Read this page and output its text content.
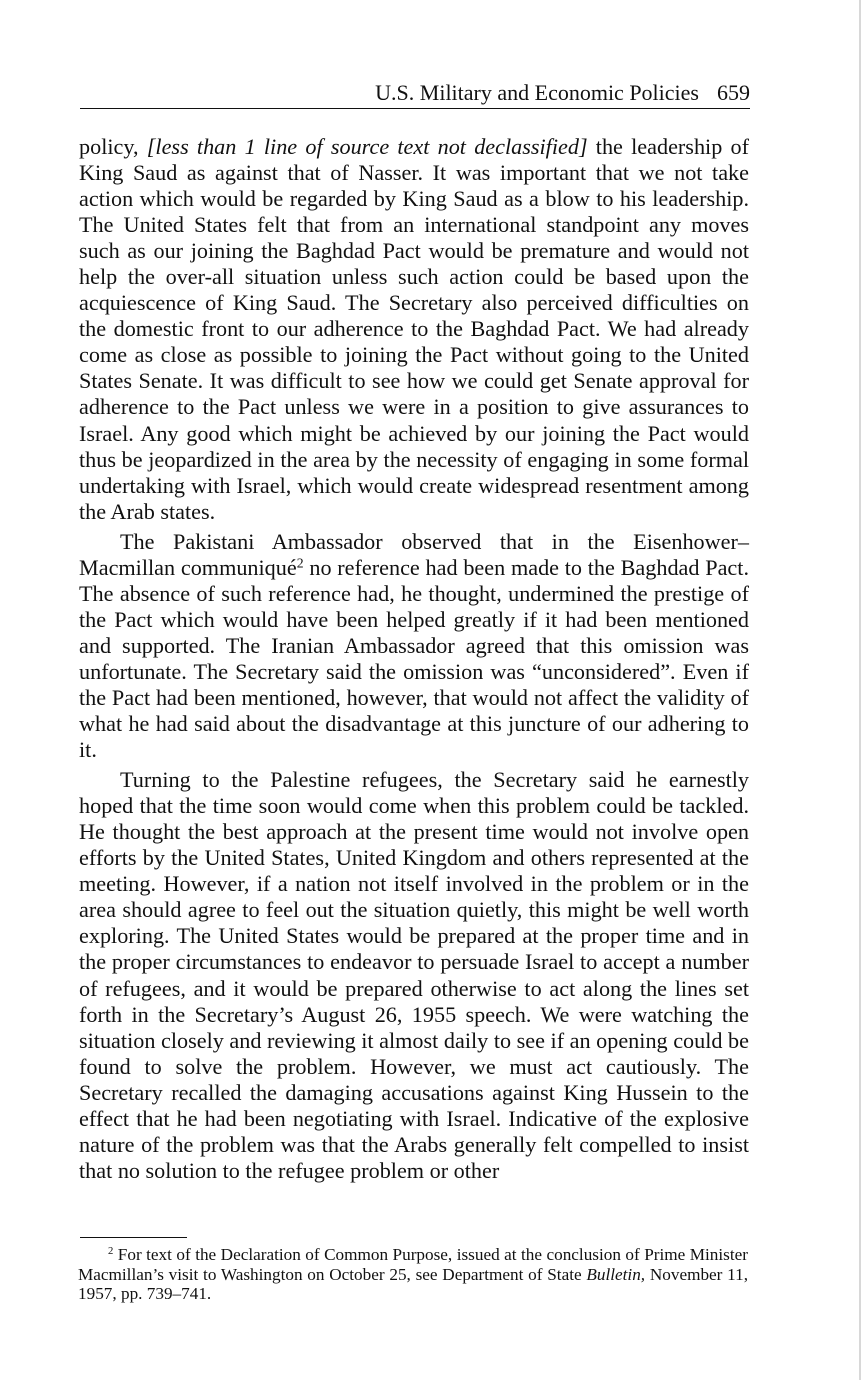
U.S. Military and Economic Policies 659

policy, [less than 1 line of source text not declassified] the leadership of King Saud as against that of Nasser. It was important that we not take action which would be regarded by King Saud as a blow to his leadership. The United States felt that from an international standpoint any moves such as our joining the Baghdad Pact would be premature and would not help the over-all situation unless such action could be based upon the acquiescence of King Saud. The Secretary also perceived difficulties on the domestic front to our adherence to the Baghdad Pact. We had already come as close as possible to joining the Pact without going to the United States Senate. It was difficult to see how we could get Senate approval for adherence to the Pact unless we were in a position to give assurances to Israel. Any good which might be achieved by our joining the Pact would thus be jeopardized in the area by the necessity of engaging in some formal undertaking with Israel, which would create widespread resentment among the Arab states.

The Pakistani Ambassador observed that in the Eisenhower–Macmillan communiqué$^2$ no reference had been made to the Baghdad Pact. The absence of such reference had, he thought, undermined the prestige of the Pact which would have been helped greatly if it had been mentioned and supported. The Iranian Ambassador agreed that this omission was unfortunate. The Secretary said the omission was “unconsidered”. Even if the Pact had been mentioned, however, that would not affect the validity of what he had said about the disadvantage at this juncture of our adhering to it.

Turning to the Palestine refugees, the Secretary said he earnestly hoped that the time soon would come when this problem could be tackled. He thought the best approach at the present time would not involve open efforts by the United States, United Kingdom and others represented at the meeting. However, if a nation not itself involved in the problem or in the area should agree to feel out the situation quietly, this might be well worth exploring. The United States would be prepared at the proper time and in the proper circumstances to endeavor to persuade Israel to accept a number of refugees, and it would be prepared otherwise to act along the lines set forth in the Secretary’s August 26, 1955 speech. We were watching the situation closely and reviewing it almost daily to see if an opening could be found to solve the problem. However, we must act cautiously. The Secretary recalled the damaging accusations against King Hussein to the effect that he had been negotiating with Israel. Indicative of the explosive nature of the problem was that the Arabs generally felt compelled to insist that no solution to the refugee problem or other

$^2$ For text of the Declaration of Common Purpose, issued at the conclusion of Prime Minister Macmillan’s visit to Washington on October 25, see Department of State Bulletin, November 11, 1957, pp. 739–741.
